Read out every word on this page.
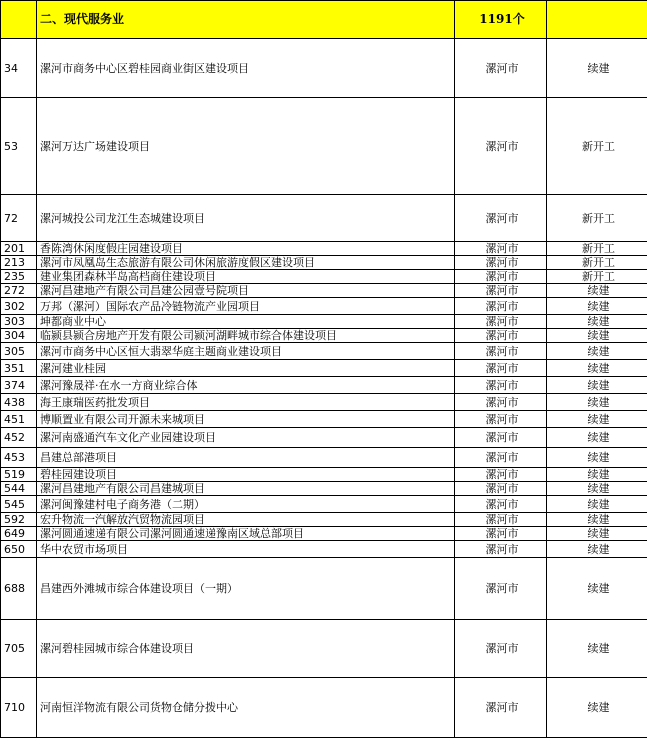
	二、现代服务业	1191个	
34	漯河市商务中心区碧桂园商业街区建设项目	漯河市	续建
53	漯河万达广场建设项目	漯河市	新开工
72	漯河城投公司龙江生态城建设项目	漯河市	新开工
201	香陈湾休闲度假庄园建设项目	漯河市	新开工
213	漯河市凤凰岛生态旅游有限公司休闲旅游度假区建设项目	漯河市	新开工
235	建业集团森林半岛高档商住建设项目	漯河市	新开工
272	漯河昌建地产有限公司昌建公园壹号院项目	漯河市	续建
302	万邦（漯河）国际农产品冷链物流产业园项目	漯河市	续建
303	坤都商业中心	漯河市	续建
304	临颍县颍合房地产开发有限公司颍河湖畔城市综合体建设项目	漯河市	续建
305	漯河市商务中心区恒大翡翠华庭主题商业建设项目	漯河市	续建
351	漯河建业桂园	漯河市	续建
374	漯河豫晟祥·在水一方商业综合体	漯河市	续建
438	海王康瑞医药批发项目	漯河市	续建
451	博顺置业有限公司开源未来城项目	漯河市	续建
452	漯河南盛通汽车文化产业园建设项目	漯河市	续建
453	昌建总部港项目	漯河市	续建
519	碧桂园建设项目	漯河市	续建
544	漯河昌建地产有限公司昌建城项目	漯河市	续建
545	漯河闽豫建村电子商务港（二期）	漯河市	续建
592	宏升物流一汽解放汽贸物流园项目	漯河市	续建
649	漯河圆通速递有限公司漯河圆通速递豫南区域总部项目	漯河市	续建
650	华中农贸市场项目	漯河市	续建
688	昌建西外滩城市综合体建设项目（一期）	漯河市	续建
705	漯河碧桂园城市综合体建设项目	漯河市	续建
710	河南恒洋物流有限公司货物仓储分拨中心	漯河市	续建
